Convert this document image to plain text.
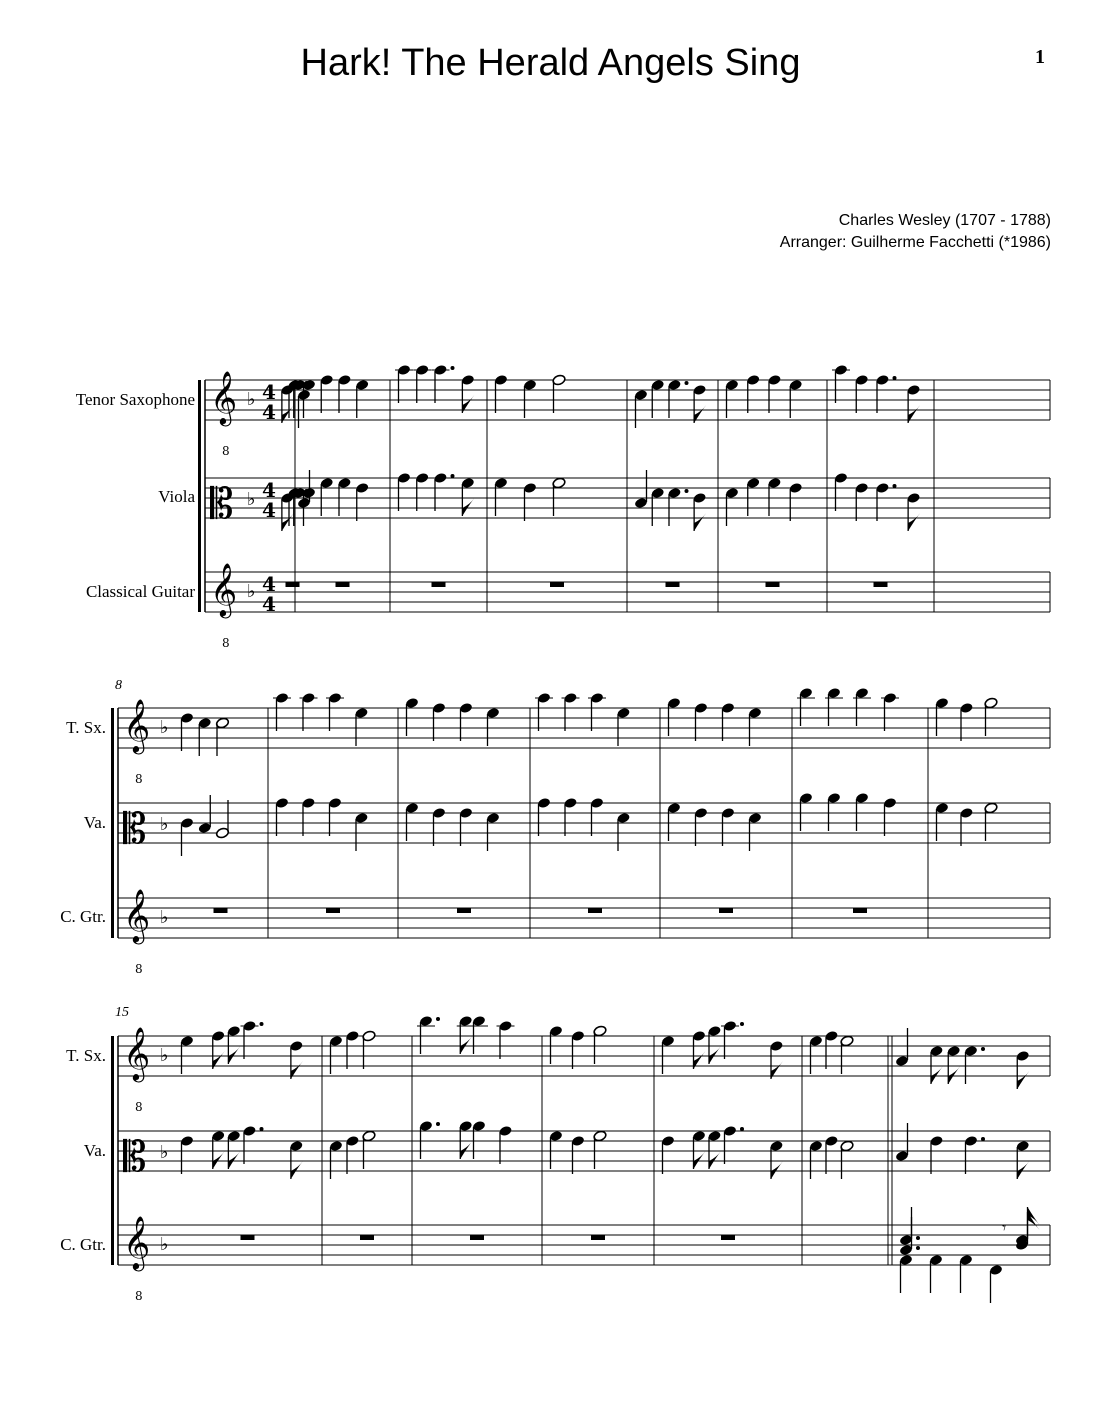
Hark! The Herald Angels Sing	1
Charles Wesley (1707 - 1788)
Arranger: Guilherme Facchetti (*1986)
Tenor Saxophone
Viola
Classical Guitar
T. Sx.
Va.
C. Gtr.
T. Sx.
Va.
C. Gtr.
8
15
𝄞
8
𝄡
𝄞
8
♭
♭
♭
4
4
4
4
4
4
𝄞
8
𝄡
𝄞
8
♭
♭
♭
𝄞
8
𝄡
𝄞
8
♭
♭
♭
𝄾
